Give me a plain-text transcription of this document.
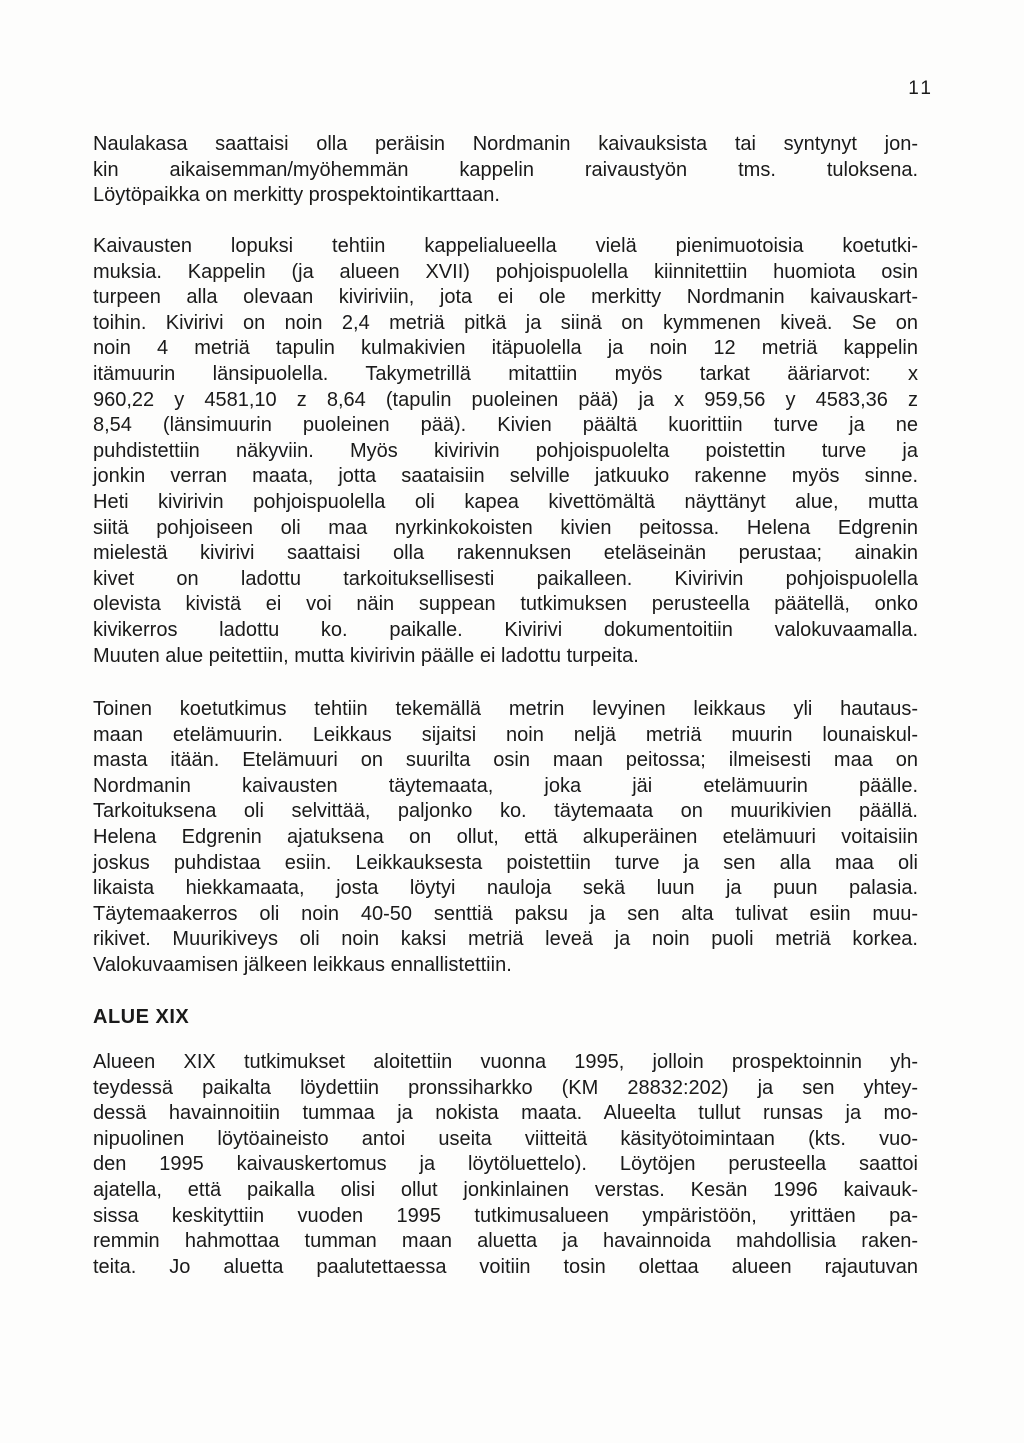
11
Naulakasa saattaisi olla peräisin Nordmanin kaivauksista tai syntynyt jon-
kin aikaisemman/myöhemmän kappelin raivaustyön tms. tuloksena.
Löytöpaikka on merkitty prospektointikarttaan.
Kaivausten lopuksi tehtiin kappelialueella vielä pienimuotoisia koetutki-
muksia. Kappelin (ja alueen XVII) pohjoispuolella kiinnitettiin huomiota osin
turpeen alla olevaan kiviriviin, jota ei ole merkitty Nordmanin kaivauskart-
toihin. Kivirivi on noin 2,4 metriä pitkä ja siinä on kymmenen kiveä. Se on
noin 4 metriä tapulin kulmakivien itäpuolella ja noin 12 metriä kappelin
itämuurin länsipuolella. Takymetrillä mitattiin myös tarkat ääriarvot: x
960,22 y 4581,10 z 8,64 (tapulin puoleinen pää) ja x 959,56 y 4583,36 z
8,54 (länsimuurin puoleinen pää). Kivien päältä kuorittiin turve ja ne
puhdistettiin näkyviin. Myös kivirivin pohjoispuolelta poistettin turve ja
jonkin verran maata, jotta saataisiin selville jatkuuko rakenne myös sinne.
Heti kivirivin pohjoispuolella oli kapea kivettömältä näyttänyt alue, mutta
siitä pohjoiseen oli maa nyrkinkokoisten kivien peitossa. Helena Edgrenin
mielestä kivirivi saattaisi olla rakennuksen eteläseinän perustaa; ainakin
kivet on ladottu tarkoituksellisesti paikalleen. Kivirivin pohjoispuolella
olevista kivistä ei voi näin suppean tutkimuksen perusteella päätellä, onko
kivikerros ladottu ko. paikalle. Kivirivi dokumentoitiin valokuvaamalla.
Muuten alue peitettiin, mutta kivirivin päälle ei ladottu turpeita.
Toinen koetutkimus tehtiin tekemällä metrin levyinen leikkaus yli hautaus-
maan etelämuurin. Leikkaus sijaitsi noin neljä metriä muurin lounaiskul-
masta itään. Etelämuuri on suurilta osin maan peitossa; ilmeisesti maa on
Nordmanin kaivausten täytemaata, joka jäi etelämuurin päälle.
Tarkoituksena oli selvittää, paljonko ko. täytemaata on muurikivien päällä.
Helena Edgrenin ajatuksena on ollut, että alkuperäinen etelämuuri voitaisiin
joskus puhdistaa esiin. Leikkauksesta poistettiin turve ja sen alla maa oli
likaista hiekkamaata, josta löytyi nauloja sekä luun ja puun palasia.
Täytemaakerros oli noin 40-50 senttiä paksu ja sen alta tulivat esiin muu-
rikivet. Muurikiveys oli noin kaksi metriä leveä ja noin puoli metriä korkea.
Valokuvaamisen jälkeen leikkaus ennallistettiin.
ALUE XIX
Alueen XIX tutkimukset aloitettiin vuonna 1995, jolloin prospektoinnin yh-
teydessä paikalta löydettiin pronssiharkko (KM 28832:202) ja sen yhtey-
dessä havainnoitiin tummaa ja nokista maata. Alueelta tullut runsas ja mo-
nipuolinen löytöaineisto antoi useita viitteitä käsityötoimintaan (kts. vuo-
den 1995 kaivauskertomus ja löytöluettelo). Löytöjen perusteella saattoi
ajatella, että paikalla olisi ollut jonkinlainen verstas. Kesän 1996 kaivauk-
sissa keskityttiin vuoden 1995 tutkimusalueen ympäristöön, yrittäen pa-
remmin hahmottaa tumman maan aluetta ja havainnoida mahdollisia raken-
teita. Jo aluetta paalutettaessa voitiin tosin olettaa alueen rajautuvan
